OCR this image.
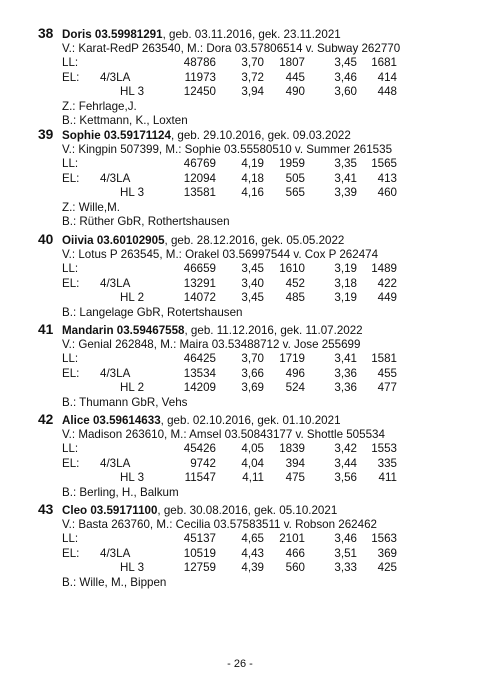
38 Doris 03.59981291, geb. 03.11.2016, gek. 23.11.2021
V.: Karat-RedP 263540, M.: Dora 03.57806514 v. Subway 262770
LL:	48786 3,70 1807	3,45 1681
EL: 4/3LA	11973 3,72 445	3,46 414
HL 3	12450 3,94 490	3,60 448
Z.: Fehrlage,J.
B.: Kettmann, K., Loxten
39 Sophie 03.59171124, geb. 29.10.2016, gek. 09.03.2022
V.: Kingpin 507399, M.: Sophie 03.55580510 v. Summer 261535
LL:	46769 4,19 1959	3,35 1565
EL: 4/3LA	12094 4,18 505	3,41 413
HL 3	13581 4,16 565	3,39 460
Z.: Wille,M.
B.: Rüther GbR, Rothertshausen
40 Oiivia 03.60102905, geb. 28.12.2016, gek. 05.05.2022
V.: Lotus P 263545, M.: Orakel 03.56997544 v. Cox P 262474
LL:	46659 3,45 1610	3,19 1489
EL: 4/3LA	13291 3,40 452	3,18 422
HL 2	14072 3,45 485	3,19 449
B.: Langelage GbR, Rotertshausen
41 Mandarin 03.59467558, geb. 11.12.2016, gek. 11.07.2022
V.: Genial 262848, M.: Maira 03.53488712 v. Jose 255699
LL:	46425 3,70 1719	3,41 1581
EL: 4/3LA	13534 3,66 496	3,36 455
HL 2	14209 3,69 524	3,36 477
B.: Thumann GbR, Vehs
42 Alice 03.59614633, geb. 02.10.2016, gek. 01.10.2021
V.: Madison 263610, M.: Amsel 03.50843177 v. Shottle 505534
LL:	45426 4,05 1839	3,42 1553
EL: 4/3LA	9742 4,04 394	3,44 335
HL 3	11547 4,11 475	3,56 411
B.: Berling, H., Balkum
43 Cleo 03.59171100, geb. 30.08.2016, gek. 05.10.2021
V.: Basta 263760, M.: Cecilia 03.57583511 v. Robson 262462
LL:	45137 4,65 2101	3,46 1563
EL: 4/3LA	10519 4,43 466	3,51 369
HL 3	12759 4,39 560	3,33 425
B.: Wille, M., Bippen
- 26 -
